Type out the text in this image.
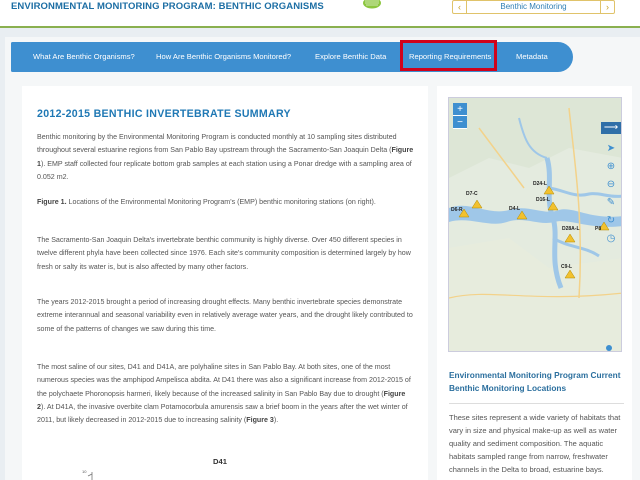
ENVIRONMENTAL MONITORING PROGRAM: BENTHIC ORGANISMS	‹	Benthic Monitoring	›
What Are Benthic Organisms?	How Are Benthic Organisms Monitored?	Explore Benthic Data	Reporting Requirements	Metadata
2012-2015 BENTHIC INVERTEBRATE SUMMARY
Benthic monitoring by the Environmental Monitoring Program is conducted monthly at 10 sampling sites distributed throughout several estuarine regions from San Pablo Bay upstream through the Sacramento-San Joaquin Delta (Figure 1). EMP staff collected four replicate bottom grab samples at each station using a Ponar dredge with a sampling area of 0.052 m2.
Figure 1. Locations of the Environmental Monitoring Program's (EMP) benthic monitoring stations (on right).
The Sacramento-San Joaquin Delta's invertebrate benthic community is highly diverse. Over 450 different species in twelve different phyla have been collected since 1976. Each site's community composition is determined largely by how fresh or salty its water is, but is also affected by many other factors.
The years 2012-2015 brought a period of increasing drought effects. Many benthic invertebrate species demonstrate extreme interannual and seasonal variability even in relatively average water years, and the drought likely contributed to some of the patterns of changes we saw during this time.
The most saline of our sites, D41 and D41A, are polyhaline sites in San Pablo Bay. At both sites, one of the most numerous species was the amphipod Ampelisca abdita. At D41 there was also a significant increase from 2012-2015 of the polychaete Phoronopsis harmeri, likely because of the increased salinity in San Pablo Bay due to drought (Figure 2). At D41A, the invasive overbite clam Potamocorbula amurensis saw a brief boom in the years after the wet winter of 2011, but likely decreased in 2012-2015 due to increasing salinity (Figure 3).
D41
10
D7-C
D6-R
D24-L
D16-L
D4-L
D28A-L	P8
C9-L
+
−	⟶
➤
⊕
⊖
✎
↻
◷
Environmental Monitoring Program Current Benthic Monitoring Locations
These sites represent a wide variety of habitats that vary in size and physical make-up as well as water quality and sediment composition. The aquatic habitats sampled range from narrow, freshwater channels in the Delta to broad, estuarine bays.
